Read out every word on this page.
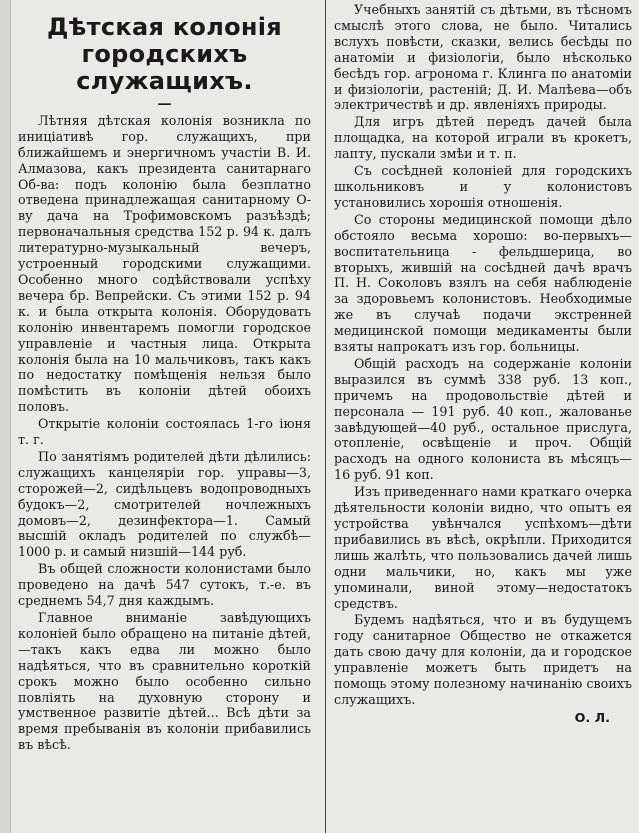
Дѣтская колонія городскихъ служащихъ.
—

Лѣтняя дѣтская колонія возникла по иниціативѣ гор. служащихъ, при ближайшемъ и энергичномъ участіи В. И. Алмазова, какъ президента санитарнаго Об-ва: подъ колонію была безплатно отведена принадлежащая санитарному О-ву дача на Трофимовскомъ разъѣздѣ; первоначальныя средства 152 р. 94 к. далъ литературно-музыкальный вечеръ, устроенный городскими служащими. Особенно много содѣйствовали успѣху вечера бр. Вепрейски. Съ этими 152 р. 94 к. и была открыта колонія. Оборудовать колонію инвентаремъ помогли городское управленіе и частныя лица. Открыта колонія была на 10 мальчиковъ, такъ какъ по недостатку помѣщенія нельзя было помѣстить въ колоніи дѣтей обоихъ половъ.

Открытіе колоніи состоялась 1-го іюня т. г.

По занятіямъ родителей дѣти дѣлились: служащихъ канцеляріи гор. управы—3, сторожей—2, сидѣльцевъ водопроводныхъ будокъ—2, смотрителей ночлежныхъ домовъ—2, дезинфектора—1. Самый высшій окладъ родителей по службѣ—1000 р. и самый низшій—144 руб.

Въ общей сложности колонистами было проведено на дачѣ 547 сутокъ, т.-е. въ среднемъ 54,7 дня каждымъ.

Главное вниманіе завѣдующихъ колоніей было обращено на питаніе дѣтей,—такъ какъ едва ли можно было надѣяться, что въ сравнительно короткій срокъ можно было особенно сильно повліять на духовную сторону и умственное развитіе дѣтей... Всѣ дѣти за время пребыванія въ колоніи прибавились въ вѣсѣ.

Учебныхъ занятій съ дѣтьми, въ тѣсномъ смыслѣ этого слова, не было. Читались вслухъ повѣсти, сказки, велись бесѣды по анатоміи и физіологіи, было нѣсколько бесѣдъ гор. агронома г. Клинга по анатоміи и физіологіи, растеній; Д. И. Малѣева—объ электричествѣ и др. явленіяхъ природы.

Для игръ дѣтей передъ дачей была площадка, на которой играли въ крокетъ, лапту, пускали змѣи и т. п.

Съ сосѣдней колоніей для городскихъ школьниковъ и у колонистовъ установились хорошія отношенія.

Со стороны медицинской помощи дѣло обстояло весьма хорошо: во-первыхъ—воспитательница - фельдшерица, во вторыхъ, жившій на сосѣдней дачѣ врачъ П. Н. Соколовъ взялъ на себя наблюденіе за здоровьемъ колонистовъ. Необходимые же въ случаѣ подачи экстренней медицинской помощи медикаменты были взяты напрокатъ изъ гор. больницы.

Общій расходъ на содержаніе колоніи выразился въ суммѣ 338 руб. 13 коп., причемъ на продовольствіе дѣтей и персонала — 191 руб. 40 коп., жалованье завѣдующей—40 руб., остальное прислуга, отопленіе, освѣщеніе и проч. Общій расходъ на одного колониста въ мѣсяцъ—16 руб. 91 коп.

Изъ приведеннаго нами краткаго очерка дѣятельности колоніи видно, что опытъ ея устройства увѣнчался успѣхомъ—дѣти прибавились въ вѣсѣ, окрѣпли. Приходится лишь жалѣть, что пользовались дачей лишь одни мальчики, но, какъ мы уже упоминали, виной этому—недостатокъ средствъ.

Будемъ надѣяться, что и въ будущемъ году санитарное Общество не откажется дать свою дачу для колоніи, да и городское управленіе можетъ быть придетъ на помощь этому полезному начинанію своихъ служащихъ.

О. Л.
